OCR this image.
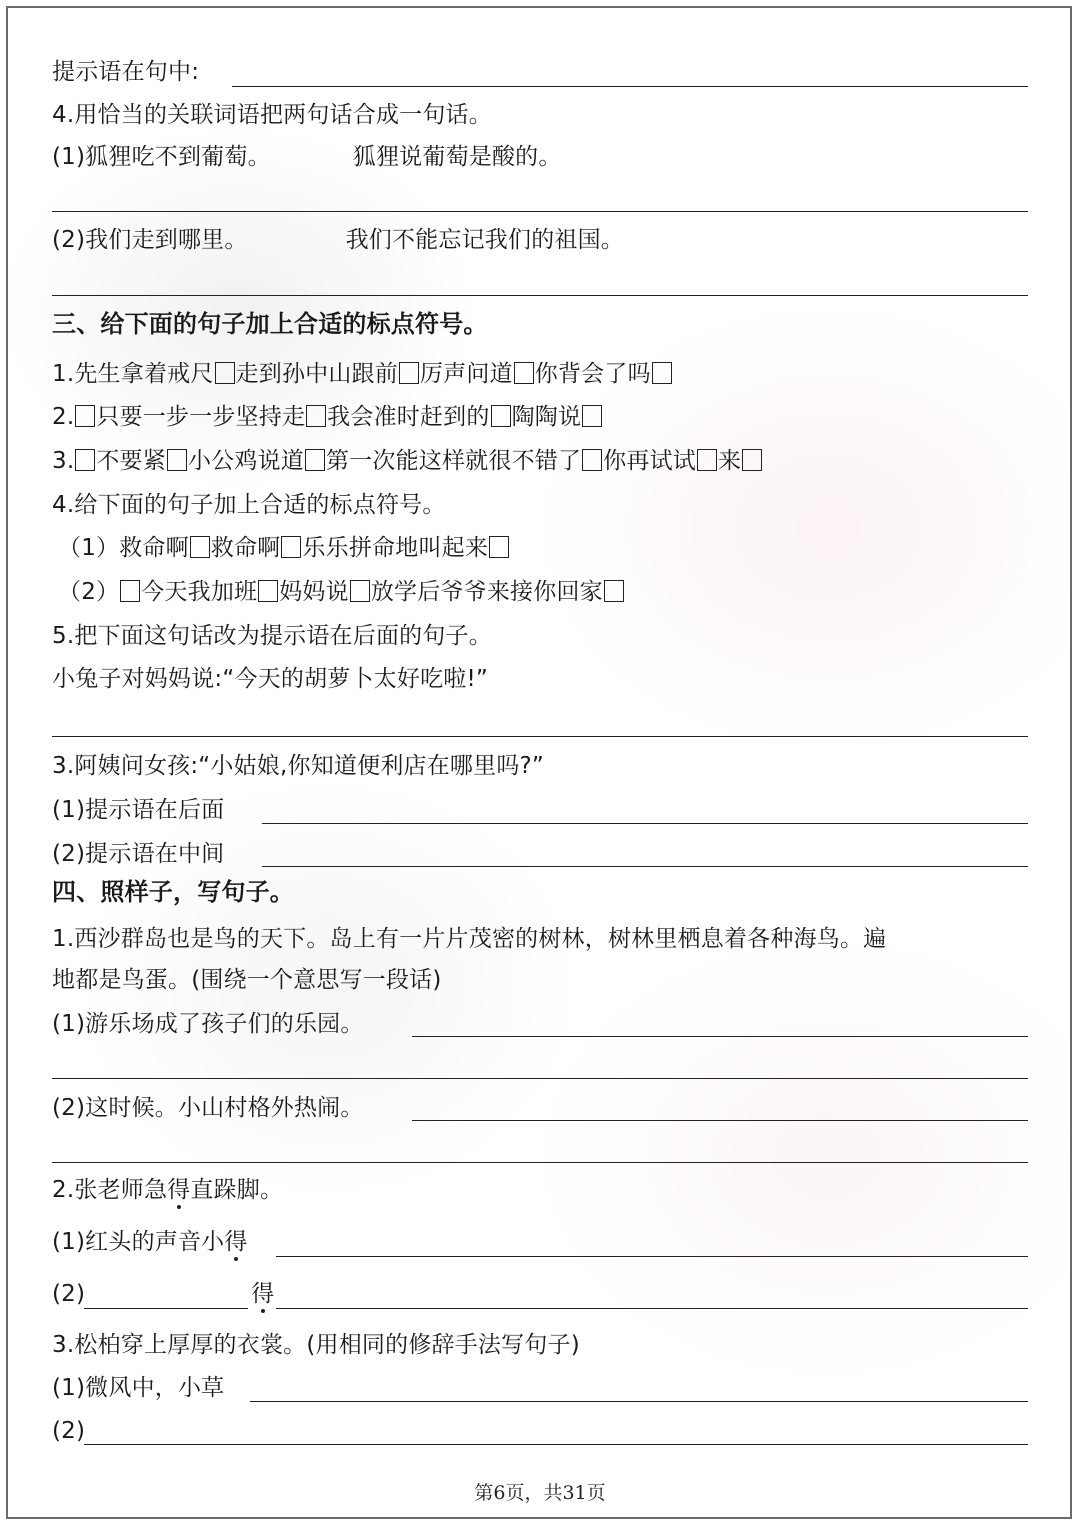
提示语在句中:
4.用恰当的关联词语把两句话合成一句话。
(1)狐狸吃不到葡萄。	狐狸说葡萄是酸的。
(2)我们走到哪里。	我们不能忘记我们的祖国。
三、给下面的句子加上合适的标点符号。
1.先生拿着戒尺 走到孙中山跟前 厉声问道 你背会了吗
2. 只要一步一步坚持走 我会准时赶到的 陶陶说
3. 不要紧 小公鸡说道 第一次能这样就很不错了 你再试试 来
4.给下面的句子加上合适的标点符号。
（1）救命啊 救命啊 乐乐拼命地叫起来
（2） 今天我加班 妈妈说 放学后爷爷来接你回家
5.把下面这句话改为提示语在后面的句子。
小兔子对妈妈说:“今天的胡萝卜太好吃啦!”
3.阿姨问女孩:“小姑娘,你知道便利店在哪里吗?”
(1)提示语在后面
(2)提示语在中间
四、照样子，写句子。
1.西沙群岛也是鸟的天下。岛上有一片片茂密的树林，树林里栖息着各种海鸟。遍
地都是鸟蛋。(围绕一个意思写一段话)
(1)游乐场成了孩子们的乐园。
(2)这时候。小山村格外热闹。
2.张老师急得直跺脚。
(1)红头的声音小得
(2)	得
3.松柏穿上厚厚的衣裳。(用相同的修辞手法写句子)
(1)微风中，小草
(2)
第6页，共31页
